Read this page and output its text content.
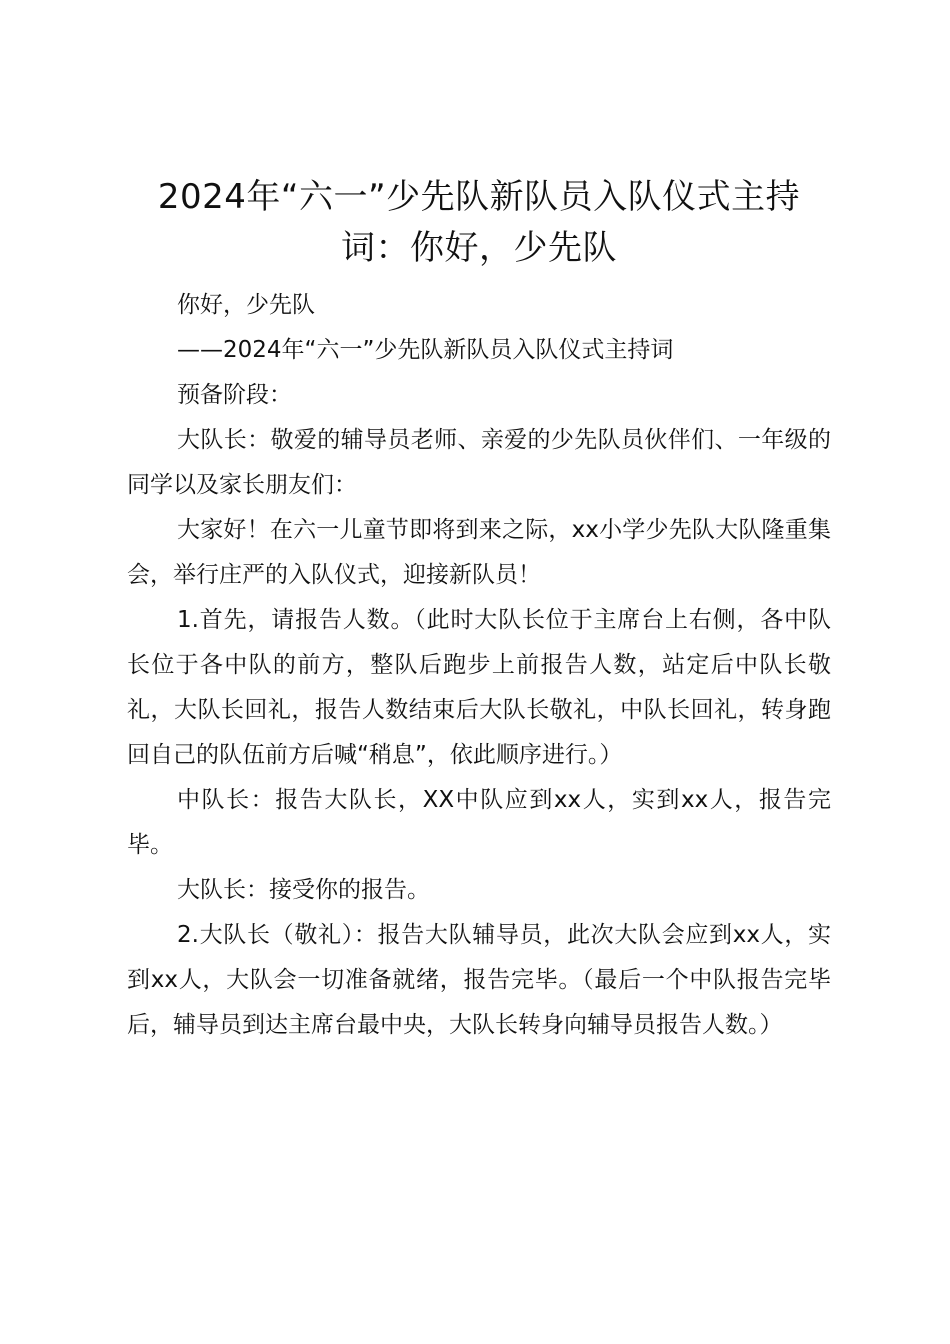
2024年“六一”少先队新队员入队仪式主持词：你好，少先队

你好，少先队

——2024年“六一”少先队新队员入队仪式主持词

预备阶段：

大队长：敬爱的辅导员老师、亲爱的少先队员伙伴们、一年级的同学以及家长朋友们：

大家好！在六一儿童节即将到来之际，xx小学少先队大队隆重集会，举行庄严的入队仪式，迎接新队员！

1.首先，请报告人数。（此时大队长位于主席台上右侧，各中队长位于各中队的前方，整队后跑步上前报告人数，站定后中队长敬礼，大队长回礼，报告人数结束后大队长敬礼，中队长回礼，转身跑回自己的队伍前方后喊“稍息”，依此顺序进行。）

中队长：报告大队长，XX中队应到xx人，实到xx人，报告完毕。

大队长：接受你的报告。

2.大队长（敬礼）：报告大队辅导员，此次大队会应到xx人，实到xx人，大队会一切准备就绪，报告完毕。（最后一个中队报告完毕后，辅导员到达主席台最中央，大队长转身向辅导员报告人数。）
